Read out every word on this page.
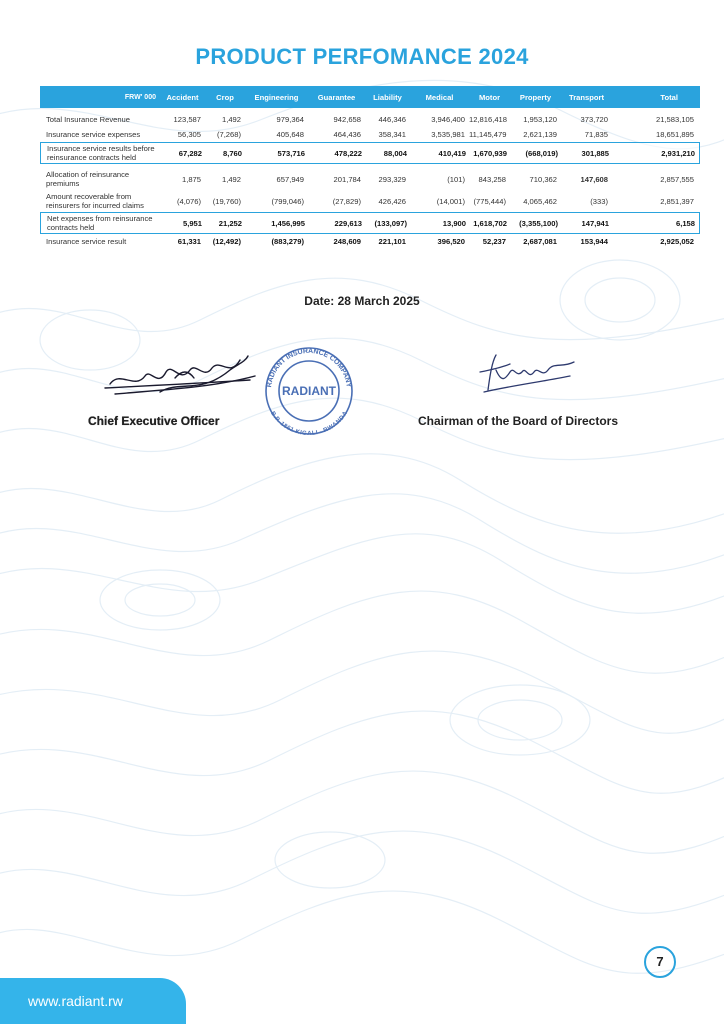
PRODUCT PERFOMANCE 2024
FRW' 000	Accident	Crop	Engineering	Guarantee	Liability	Medical	Motor	Property	Transport	Total
Total Insurance Revenue	123,587	1,492	979,364	942,658	446,346	3,946,400 12,816,418	1,953,120	373,720	21,583,105
Insurance service expenses	56,305	(7,268)	405,648	464,436	358,341	3,535,981 11,145,479	2,621,139	71,835	18,651,895
Insurance service results before reinsurance contracts held	67,282	8,760	573,716	478,222	88,004	410,419 1,670,939	(668,019)	301,885	2,931,210
Allocation of reinsurance premiums	1,875	1,492	657,949	201,784	293,329	(101)	843,258	710,362	147,608	2,857,555
Amount recoverable from reinsurers for incurred claims	(4,076)	(19,760)	(799,046)	(27,829)	426,426	(14,001)	(775,444)	4,065,462	(333)	2,851,397
Net expenses from reinsurance contracts held	5,951	21,252	1,456,995	229,613	(133,097)	13,900 1,618,702	(3,355,100)	147,941	6,158
Insurance service result	61,331	(12,492)	(883,279)	248,609	221,101	396,520	52,237	2,687,081	153,944	2,925,052
Date: 28 March 2025
RADIANT INSURANCE COMPANY
B.P. 1861 KIGALI - RWANDA
RADIANT
Chief Executive Officer	Chairman of the Board of Directors
7
www.radiant.rw
